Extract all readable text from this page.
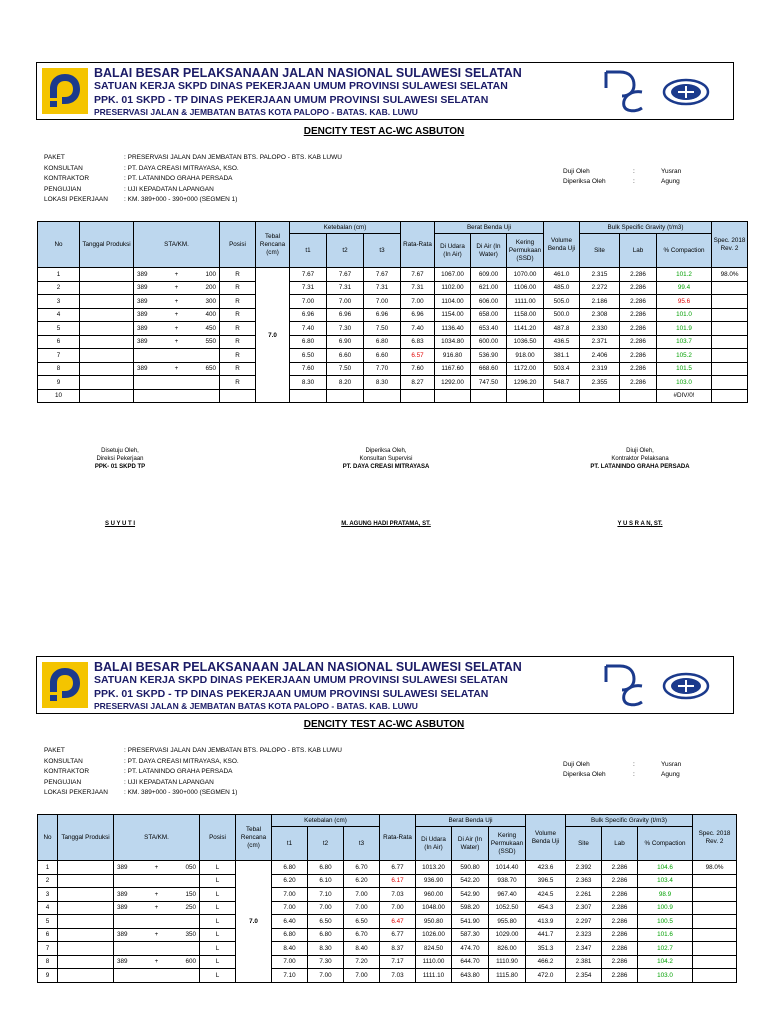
BALAI BESAR PELAKSANAAN JALAN NASIONAL SULAWESI SELATAN
SATUAN KERJA SKPD DINAS PEKERJAAN UMUM PROVINSI SULAWESI SELATAN
PPK. 01 SKPD - TP DINAS PEKERJAAN UMUM PROVINSI SULAWESI SELATAN
PRESERVASI JALAN & JEMBATAN BATAS KOTA PALOPO - BATAS. KAB. LUWU
DENCITY TEST AC-WC ASBUTON
PAKET	: PRESERVASI JALAN DAN JEMBATAN BTS. PALOPO - BTS. KAB LUWU
KONSULTAN	: PT. DAYA CREASI MITRAYASA, KSO.
KONTRAKTOR	: PT. LATANINDO GRAHA PERSADA
PENGUJIAN	: UJI KEPADATAN LAPANGAN
LOKASI PEKERJAAN	: KM. 389+000 - 390+000 (SEGMEN 1)
Duji Oleh	:	Yusran
Diperiksa Oleh	:	Agung
No	Tanggal Produksi	STA/KM.	Posisi	Tebal Rencana (cm)	Ketebalan (cm)			Rata-Rata	Berat Benda Uji			Volume Benda Uji	Bulk Specific Gravity (t/m3)			Spec. 2018 Rev. 2
					t1	t2	t3		Di Udara (In Air)	Di Air (In Water)	Kering Permukaan (SSD)		Site	Lab	% Compaction	
1		389 + 100	R	7.0	7.67	7.67	7.67	7.67	1067.00	609.00	1070.00	461.0	2.315	2.286	101.2	98.0%
2		389 + 200	R		7.31	7.31	7.31	7.31	1102.00	621.00	1106.00	485.0	2.272	2.286	99.4	
3		389 + 300	R		7.00	7.00	7.00	7.00	1104.00	606.00	1111.00	505.0	2.186	2.286	95.6	
4		389 + 400	R		6.96	6.96	6.96	6.96	1154.00	658.00	1158.00	500.0	2.308	2.286	101.0	
5		389 + 450	R		7.40	7.30	7.50	7.40	1136.40	653.40	1141.20	487.8	2.330	2.286	101.9	
6		389 + 550	R		6.80	6.90	6.80	6.83	1034.80	600.00	1036.50	436.5	2.371	2.286	103.7	
7			R		6.50	6.60	6.60	6.57	916.80	536.90	918.00	381.1	2.406	2.286	105.2	
8		389 + 650	R		7.60	7.50	7.70	7.60	1167.60	668.60	1172.00	503.4	2.319	2.286	101.5	
9			R		8.30	8.20	8.30	8.27	1292.00	747.50	1296.20	548.7	2.355	2.286	103.0	
10															#DIV/0!	
Disetuju Oleh,
Direksi Pekerjaan
PPK- 01 SKPD TP
Diperiksa Oleh,
Konsultan Supervisi
PT. DAYA CREASI MITRAYASA
Diuji Oleh,
Kontraktor Pelaksana
PT. LATANINDO GRAHA PERSADA
S U Y U T I	M. AGUNG HADI PRATAMA, ST.	Y U S R A N, ST.
BALAI BESAR PELAKSANAAN JALAN NASIONAL SULAWESI SELATAN
SATUAN KERJA SKPD DINAS PEKERJAAN UMUM PROVINSI SULAWESI SELATAN
PPK. 01 SKPD - TP DINAS PEKERJAAN UMUM PROVINSI SULAWESI SELATAN
PRESERVASI JALAN & JEMBATAN BATAS KOTA PALOPO - BATAS. KAB. LUWU
DENCITY TEST AC-WC ASBUTON
PAKET	: PRESERVASI JALAN DAN JEMBATAN BTS. PALOPO - BTS. KAB LUWU
KONSULTAN	: PT. DAYA CREASI MITRAYASA, KSO.
KONTRAKTOR	: PT. LATANINDO GRAHA PERSADA
PENGUJIAN	: UJI KEPADATAN LAPANGAN
LOKASI PEKERJAAN	: KM. 389+000 - 390+000 (SEGMEN 1)
Duji Oleh	:	Yusran
Diperiksa Oleh	:	Agung
No	Tanggal Produksi	STA/KM.	Posisi	Tebal Rencana (cm)	Ketebalan (cm)			Rata-Rata	Berat Benda Uji			Volume Benda Uji	Bulk Specific Gravity (t/m3)			Spec. 2018 Rev. 2
					t1	t2	t3		Di Udara (In Air)	Di Air (In Water)	Kering Permukaan (SSD)		Site	Lab	% Compaction	
1		389 + 050	L	7.0	6.80	6.80	6.70	6.77	1013.20	590.80	1014.40	423.6	2.392	2.286	104.6	98.0%
2			L		6.20	6.10	6.20	6.17	936.90	542.20	938.70	396.5	2.363	2.286	103.4	
3		389 + 150	L		7.00	7.10	7.00	7.03	960.00	542.90	967.40	424.5	2.261	2.286	98.9	
4		389 + 250	L		7.00	7.00	7.00	7.00	1048.00	598.20	1052.50	454.3	2.307	2.286	100.9	
5			L		6.40	6.50	6.50	6.47	950.80	541.90	955.80	413.9	2.297	2.286	100.5	
6		389 + 350	L		6.80	6.80	6.70	6.77	1026.00	587.30	1029.00	441.7	2.323	2.286	101.6	
7			L		8.40	8.30	8.40	8.37	824.50	474.70	826.00	351.3	2.347	2.286	102.7	
8		389 + 600	L		7.00	7.30	7.20	7.17	1110.00	644.70	1110.90	466.2	2.381	2.286	104.2	
9			L		7.10	7.00	7.00	7.03	1111.10	643.80	1115.80	472.0	2.354	2.286	103.0	
